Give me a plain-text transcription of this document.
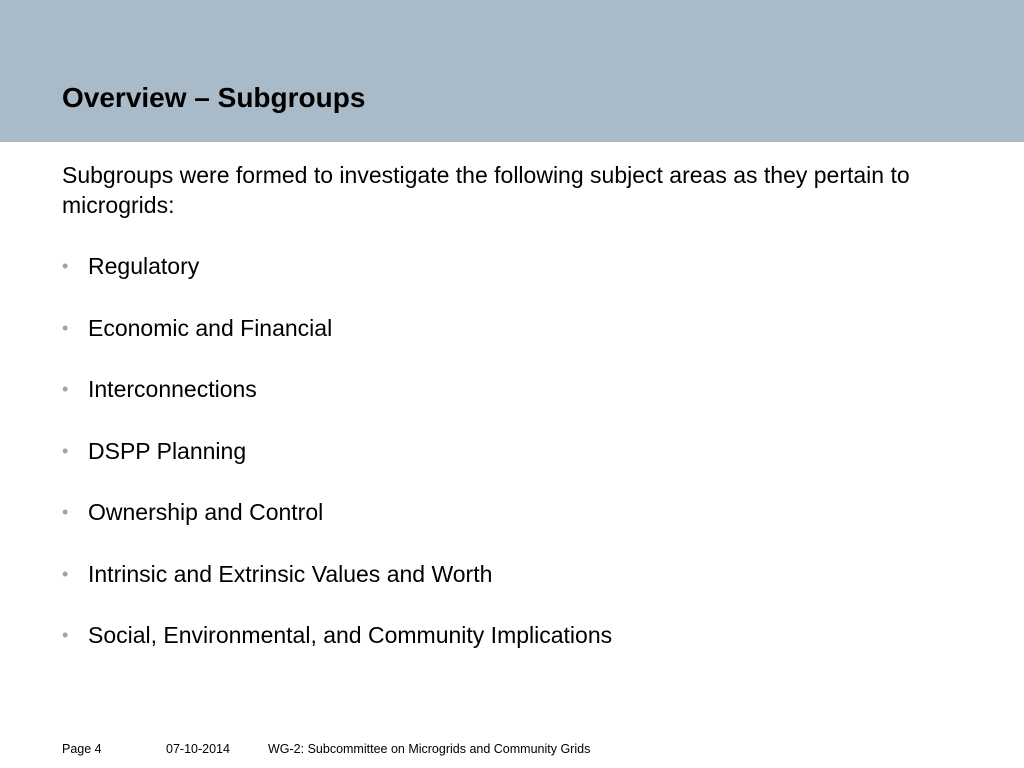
Overview – Subgroups

Subgroups were formed to investigate the following subject areas as they pertain to microgrids:

• Regulatory
• Economic and Financial
• Interconnections
• DSPP Planning
• Ownership and Control
• Intrinsic and Extrinsic Values and Worth
• Social, Environmental, and Community Implications
Page 4	07-10-2014	WG-2: Subcommittee on Microgrids and Community Grids
